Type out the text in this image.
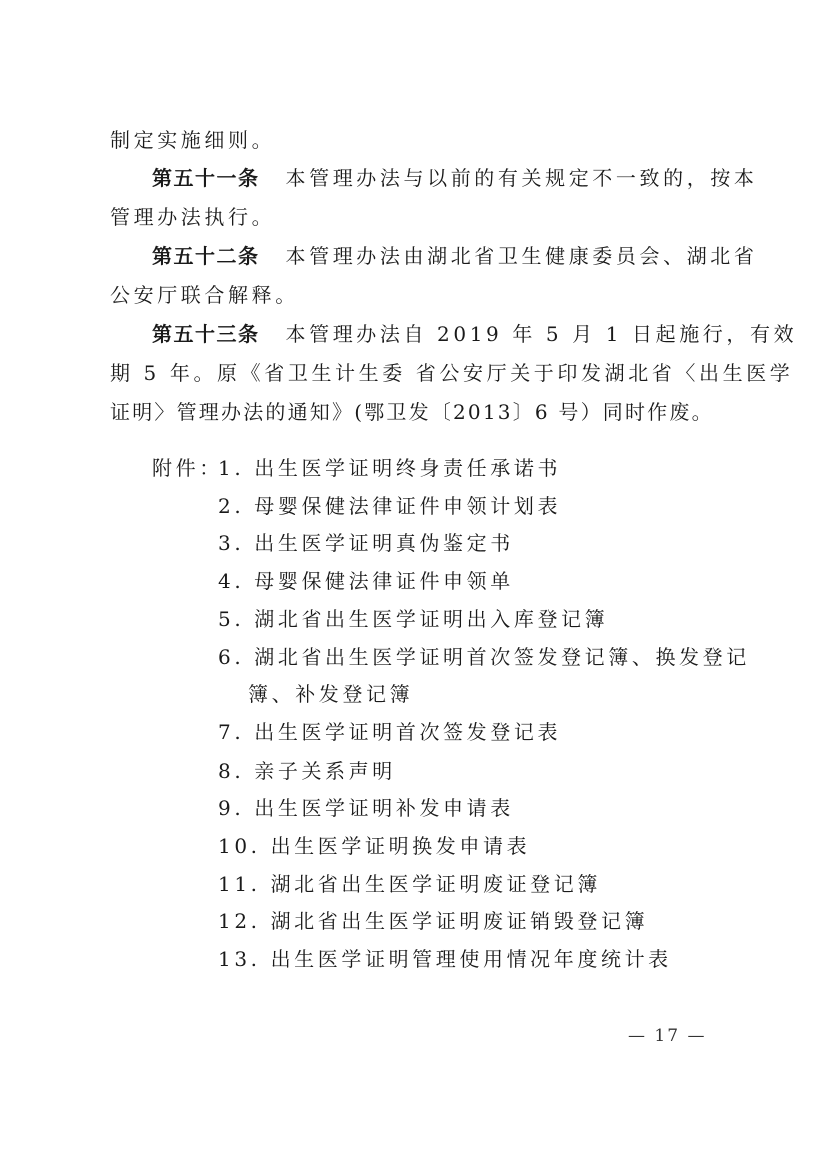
制定实施细则。
第五十一条 本管理办法与以前的有关规定不一致的，按本
管理办法执行。
第五十二条 本管理办法由湖北省卫生健康委员会、湖北省
公安厅联合解释。
第五十三条 本管理办法自 2019 年 5 月 1 日起施行，有效
期 5 年。原《省卫生计生委 省公安厅关于印发湖北省〈出生医学
证明〉管理办法的通知》(鄂卫发〔2013〕6 号）同时作废。
附件：
1. 出生医学证明终身责任承诺书
2. 母婴保健法律证件申领计划表
3. 出生医学证明真伪鉴定书
4. 母婴保健法律证件申领单
5. 湖北省出生医学证明出入库登记簿
6. 湖北省出生医学证明首次签发登记簿、换发登记
簿、补发登记簿
7. 出生医学证明首次签发登记表
8. 亲子关系声明
9. 出生医学证明补发申请表
10. 出生医学证明换发申请表
11. 湖北省出生医学证明废证登记簿
12. 湖北省出生医学证明废证销毁登记簿
13. 出生医学证明管理使用情况年度统计表
— 17 —
